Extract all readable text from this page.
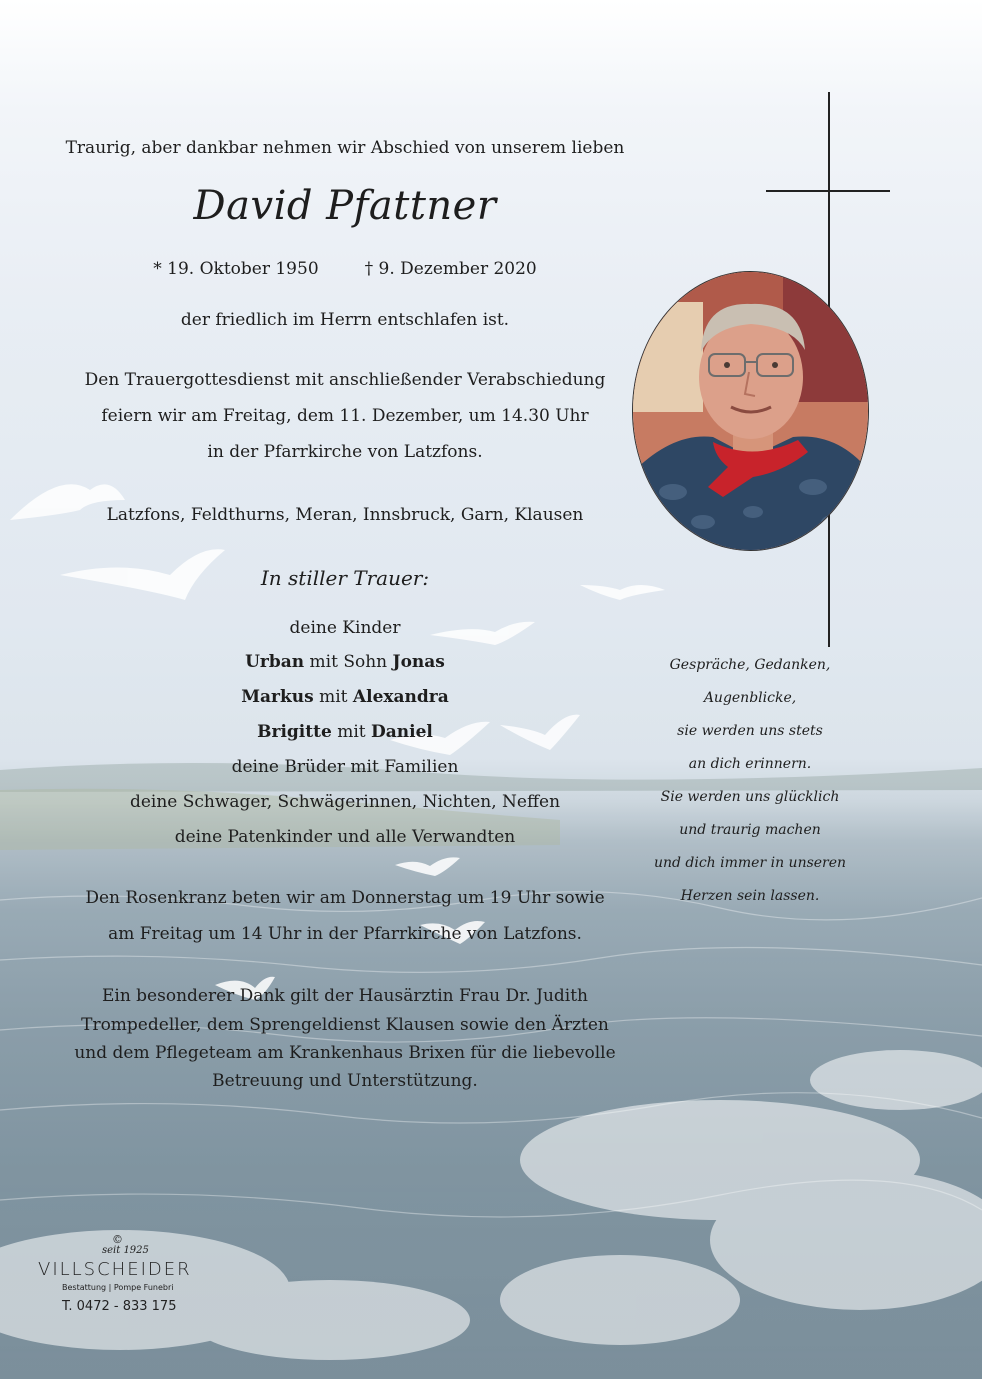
Traurig, aber dankbar nehmen wir Abschied von unserem lieben
David Pfattner
* 19. Oktober 1950	† 9. Dezember 2020
der friedlich im Herrn entschlafen ist.
Den Trauergottesdienst mit anschließender Verabschiedung
feiern wir am Freitag, dem 11. Dezember, um 14.30 Uhr
in der Pfarrkirche von Latzfons.
Latzfons, Feldthurns, Meran, Innsbruck, Garn, Klausen
In stiller Trauer:
deine Kinder
Urban mit Sohn Jonas
Markus mit Alexandra
Brigitte mit Daniel
deine Brüder mit Familien
deine Schwager, Schwägerinnen, Nichten, Neffen
deine Patenkinder und alle Verwandten
Den Rosenkranz beten wir am Donnerstag um 19 Uhr sowie
am Freitag um 14 Uhr in der Pfarrkirche von Latzfons.
Ein besonderer Dank gilt der Hausärztin Frau Dr. Judith
Trompedeller, dem Sprengeldienst Klausen sowie den Ärzten
und dem Pflegeteam am Krankenhaus Brixen für die liebevolle
Betreuung und Unterstützung.
Gespräche, Gedanken,
Augenblicke,
sie werden uns stets
an dich erinnern.
Sie werden uns glücklich
und traurig machen
und dich immer in unseren
Herzen sein lassen.
©
seit 1925
VILLSCHEIDER
Bestattung | Pompe Funebri
T. 0472 - 833 175
